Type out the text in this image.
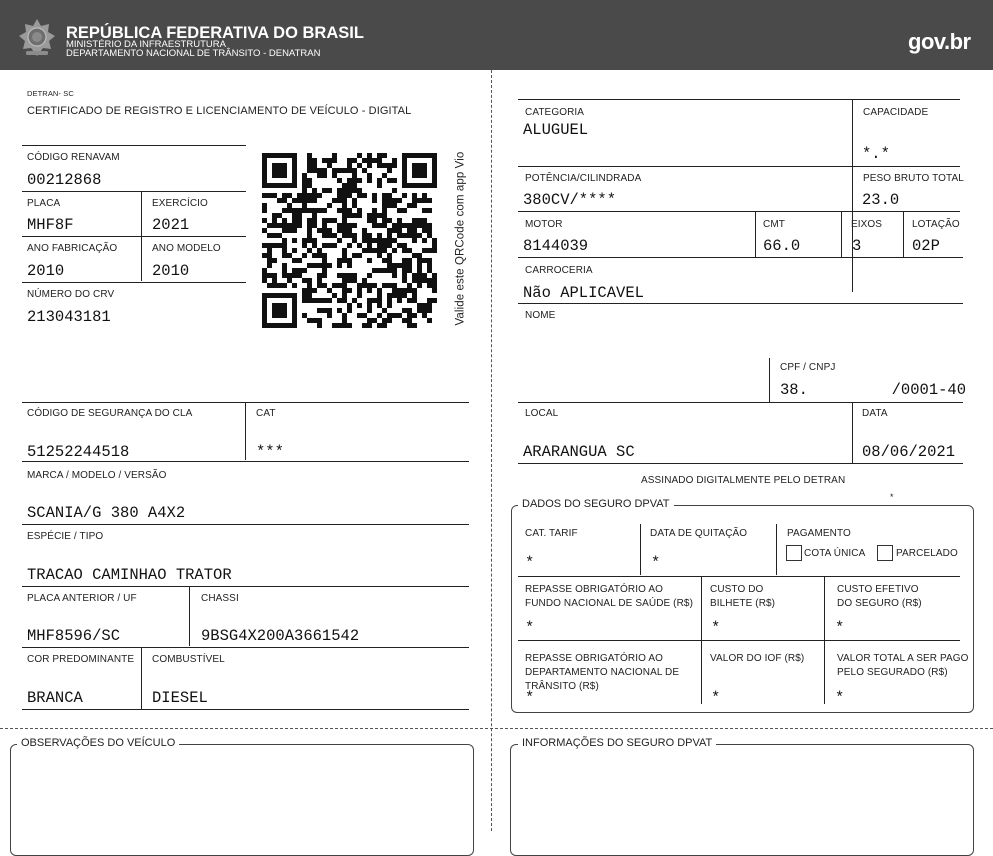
REPÚBLICA FEDERATIVA DO BRASIL
MINISTÉRIO DA INFRAESTRUTURA
DEPARTAMENTO NACIONAL DE TRÂNSITO - DENATRAN	gov.br
DETRAN- SC
CERTIFICADO DE REGISTRO E LICENCIAMENTO DE VEÍCULO - DIGITAL
CÓDIGO RENAVAM
00212868
PLACA
MHF8F
EXERCÍCIO
2021
ANO FABRICAÇÃO
2010
ANO MODELO
2010
NÚMERO DO CRV
213043181	Valide este QRCode com app Vio
CÓDIGO DE SEGURANÇA DO CLA
51252244518
CAT
***
MARCA / MODELO / VERSÃO
SCANIA/G 380 A4X2
ESPÉCIE / TIPO
TRACAO CAMINHAO TRATOR
PLACA ANTERIOR / UF
MHF8596/SC
CHASSI
9BSG4X200A3661542
COR PREDOMINANTE
BRANCA
COMBUSTÍVEL
DIESEL
CATEGORIA
ALUGUEL
CAPACIDADE
*.*
POTÊNCIA/CILINDRADA
380CV/****
PESO BRUTO TOTAL
23.0
MOTOR
8144039
CMT
66.0
EIXOS
3
LOTAÇÃO
02P
CARROCERIA
Não APLICAVEL
NOME
CPF / CNPJ
38.         /0001-40
LOCAL
ARARANGUA SC
DATA
08/06/2021
ASSINADO DIGITALMENTE PELO DETRAN
*
DADOS DO SEGURO DPVAT
CAT. TARIF
*
DATA DE QUITAÇÃO
*
PAGAMENTO
COTA ÚNICA	PARCELADO
REPASSE OBRIGATÓRIO AO
FUNDO NACIONAL DE SAÚDE (R$)
*
CUSTO DO
BILHETE (R$)
*
CUSTO EFETIVO
DO SEGURO (R$)
*
REPASSE OBRIGATÓRIO AO
DEPARTAMENTO NACIONAL DE
TRÂNSITO (R$)
*
VALOR DO IOF (R$)
*
VALOR TOTAL A SER PAGO
PELO SEGURADO (R$)
*
OBSERVAÇÕES DO VEÍCULO	INFORMAÇÕES DO SEGURO DPVAT
